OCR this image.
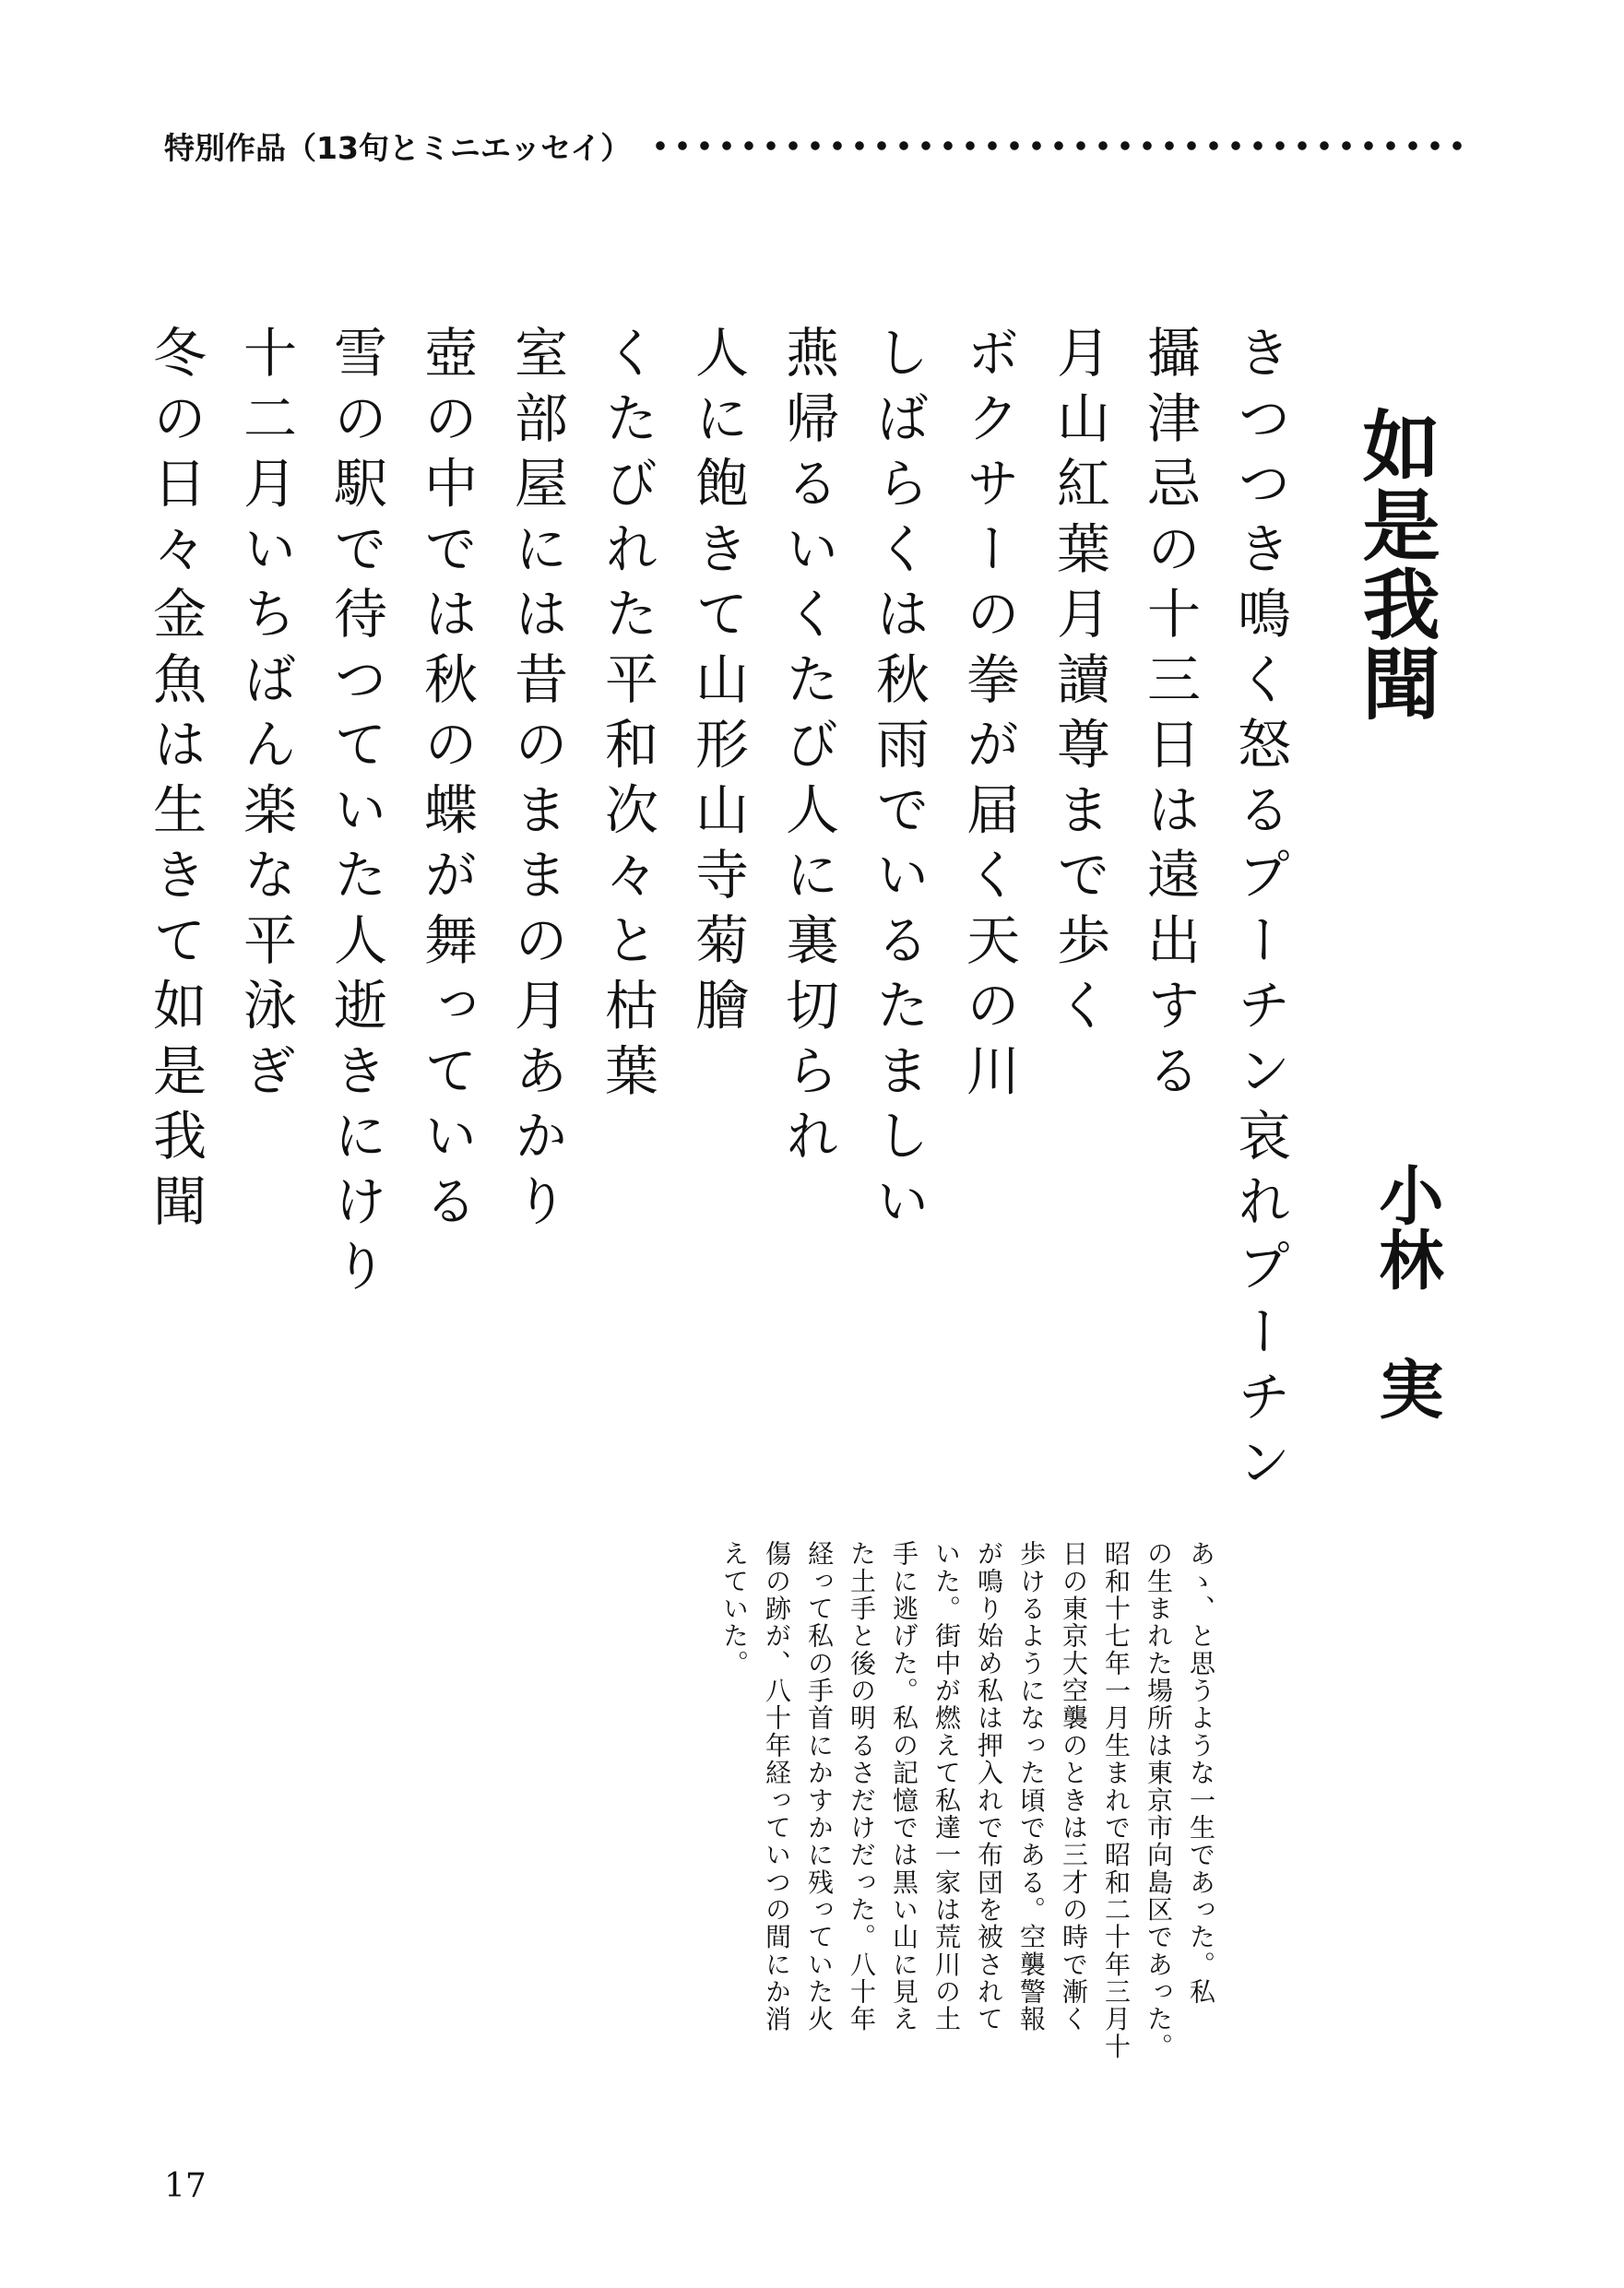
特別作品（13句とミニエッセイ）
如是我聞
小林　実
きつつき鳴く怒るプーチン哀れプーチン
攝津忌の十三日は遠出する
月山紅葉月讀尊まで歩く
ボクサーの拳が届く天の川
しばらくは秋雨でいるたましい
燕帰るいくたび人に裏切られ
人に飽きて山形山寺菊膾
くたびれた平和次々と枯葉
室部屋には昔のままの月あかり
壺の中では秋の蝶が舞っている
雪の駅で待つていた人逝きにけり
十二月いちばん楽な平泳ぎ
冬の日々金魚は生きて如是我聞
あゝ、と思うような一生であった。私
の生まれた場所は東京市向島区であった。
昭和十七年一月生まれで昭和二十年三月十
日の東京大空襲のときは三才の時で漸く
歩けるようになった頃である。空襲警報
が鳴り始め私は押入れで布団を被されて
いた。街中が燃えて私達一家は荒川の土
手に逃げた。私の記憶では黒い山に見え
た土手と後の明るさだけだった。八十年
経って私の手首にかすかに残っていた火
傷の跡が、八十年経っていつの間にか消
えていた。
17
